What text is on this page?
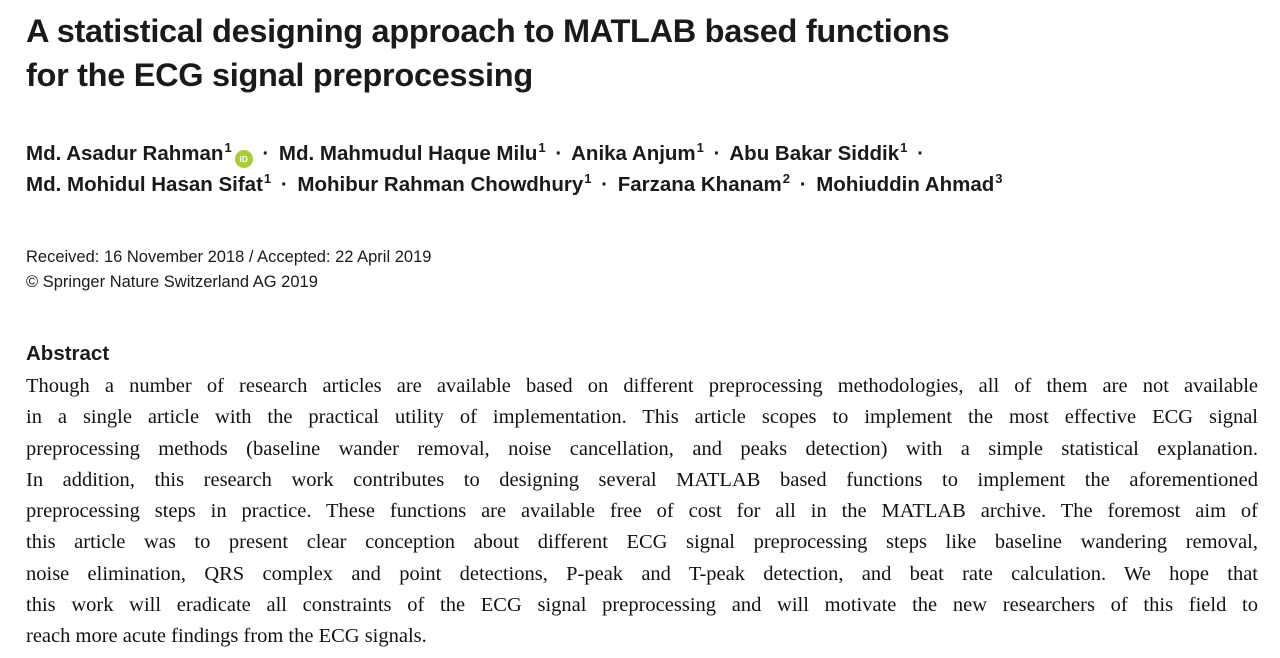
A statistical designing approach to MATLAB based functions
for the ECG signal preprocessing
Md. Asadur Rahman$^1$iD · Md. Mahmudul Haque Milu$^1$ · Anika Anjum$^1$ · Abu Bakar Siddik$^1$ ·
Md. Mohidul Hasan Sifat$^1$ · Mohibur Rahman Chowdhury$^1$ · Farzana Khanam$^2$ · Mohiuddin Ahmad$^3$
Received: 16 November 2018 / Accepted: 22 April 2019
© Springer Nature Switzerland AG 2019
Abstract
Though a number of research articles are available based on different preprocessing methodologies, all of them are not available
in a single article with the practical utility of implementation. This article scopes to implement the most effective ECG signal
preprocessing methods (baseline wander removal, noise cancellation, and peaks detection) with a simple statistical explanation.
In addition, this research work contributes to designing several MATLAB based functions to implement the aforementioned
preprocessing steps in practice. These functions are available free of cost for all in the MATLAB archive. The foremost aim of
this article was to present clear conception about different ECG signal preprocessing steps like baseline wandering removal,
noise elimination, QRS complex and point detections, P-peak and T-peak detection, and beat rate calculation. We hope that
this work will eradicate all constraints of the ECG signal preprocessing and will motivate the new researchers of this field to
reach more acute findings from the ECG signals.
